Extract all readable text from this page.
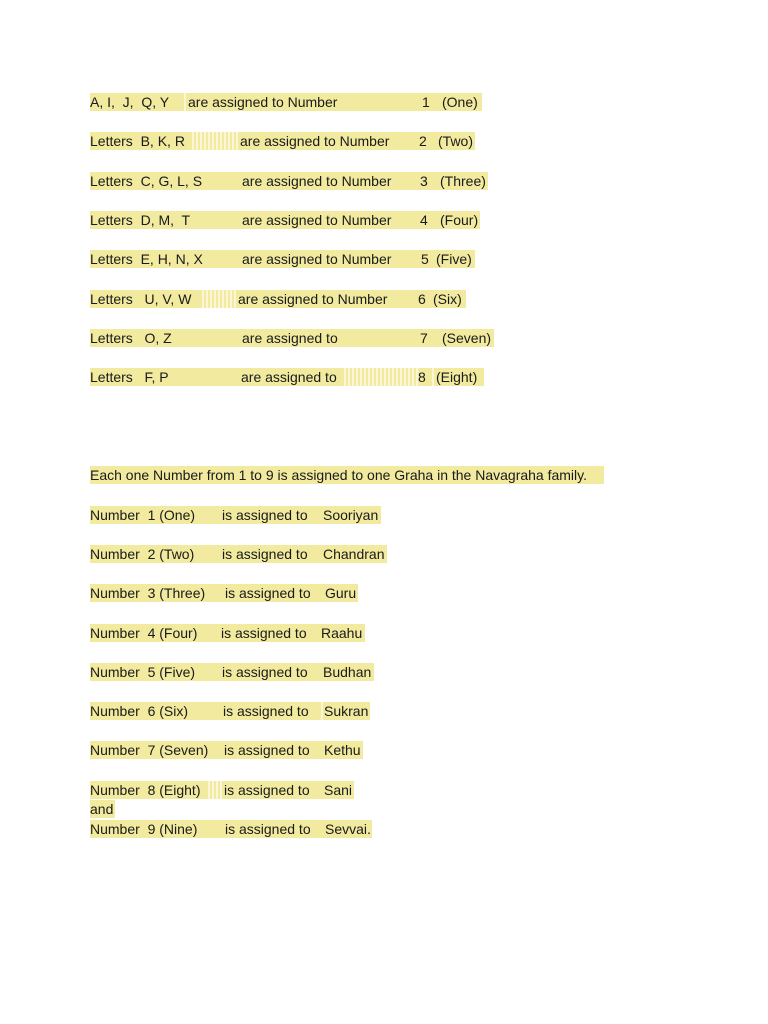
A, I,  J,  Q, Y	are assigned to Number	1 (One)
Letters  B, K, R	are assigned to Number	2 (Two)
Letters  C, G, L, S	are assigned to Number	3 (Three)
Letters  D, M,  T	are assigned to Number	4 (Four)
Letters  E, H, N, X	are assigned to Number	5 (Five)
Letters   U, V, W	are assigned to Number	6 (Six)
Letters   O, Z	are assigned to	7	(Seven)
Letters   F, P	are assigned to	8 (Eight)
Each one Number from 1 to 9 is assigned to one Graha in the Navagraha family.
Number  1 (One)	is assigned to	Sooriyan
Number  2 (Two)	is assigned to	Chandran
Number  3 (Three)	is assigned to	Guru
Number  4 (Four)	is assigned to	Raahu
Number  5 (Five)	is assigned to	Budhan
Number  6 (Six)	is assigned to	Sukran
Number  7 (Seven)	is assigned to	Kethu
Number  8 (Eight)	is assigned to	Sani
and
Number  9 (Nine)	is assigned to	Sevvai.
